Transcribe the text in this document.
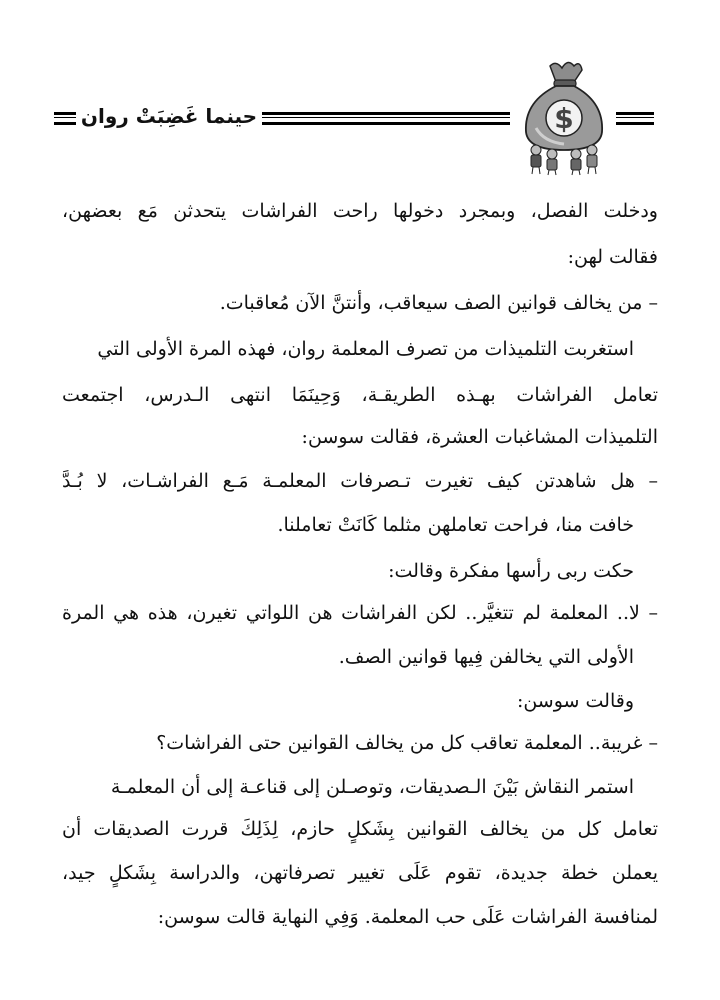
حينما غَضِبَتْ روان	$
ودخلت الفصل، وبمجرد دخولها راحت الفراشات يتحدثن مَع بعضهن،
فقالت لهن:
– من يخالف قوانين الصف سيعاقب، وأنتنَّ الآن مُعاقبات.
استغربت التلميذات من تصرف المعلمة روان، فهذه المرة الأولى التي
تعامل الفراشات بهـذه الطريقـة، وَحِينَمَا انتهى الـدرس، اجتمعت
التلميذات المشاغبات العشرة، فقالت سوسن:
– هل شاهدتن كيف تغيرت تـصرفات المعلمـة مَـع الفراشـات، لا بُـدَّ
خافت منا، فراحت تعاملهن مثلما كَانَتْ تعاملنا.
حكت ربى رأسها مفكرة وقالت:
– لا.. المعلمة لم تتغيَّر.. لكن الفراشات هن اللواتي تغيرن، هذه هي المرة
الأولى التي يخالفن فِيها قوانين الصف.
وقالت سوسن:
– غريبة.. المعلمة تعاقب كل من يخالف القوانين حتى الفراشات؟
استمر النقاش بَيْنَ الـصديقات، وتوصـلن إلى قناعـة إلى أن المعلمـة
تعامل كل من يخالف القوانين بِشَكلٍ حازم، لِذَلِكَ قررت الصديقات أن
يعملن خطة جديدة، تقوم عَلَى تغيير تصرفاتهن، والدراسة بِشَكلٍ جيد،
لمنافسة الفراشات عَلَى حب المعلمة. وَفِي النهاية قالت سوسن:
